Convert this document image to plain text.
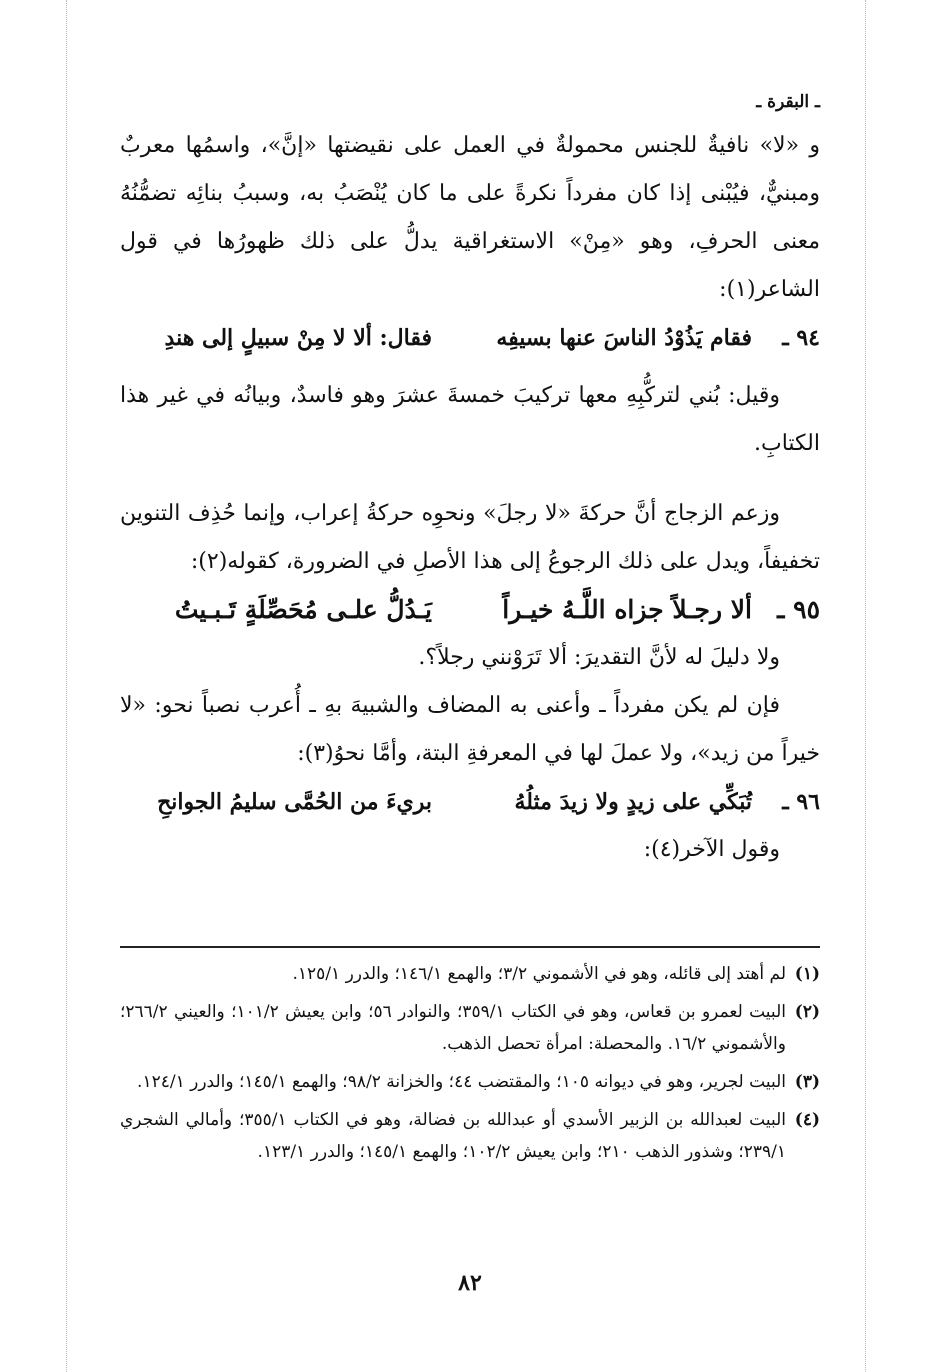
ـ البقرة ـ

و «لا» نافيةٌ للجنس محمولةٌ في العمل على نقيضتها «إنَّ»، واسمُها معربٌ ومبنيٌّ، فيُبْنى إذا كان مفرداً نكرةً على ما كان يُنْصَبُ به، وسببُ بنائِه تضمُّنُهُ معنى الحرفِ، وهو «مِنْ» الاستغراقية يدلُّ على ذلك ظهورُها في قول الشاعر(١):

٩٤ ـ
فقام يَذُوْدُ الناسَ عنها بسيفِه
فقال: ألا لا مِنْ سبيلٍ إلى هندِ

وقيل: بُني لتركُّبِهِ معها تركيبَ خمسةَ عشرَ وهو فاسدٌ، وبيانُه في غير هذا الكتابِ.

وزعم الزجاج أنَّ حركةَ «لا رجلَ» ونحوِه حركةُ إعراب، وإنما حُذِف التنوين تخفيفاً، ويدل على ذلك الرجوعُ إلى هذا الأصلِ في الضرورة، كقوله(٢):

٩٥ ـ
ألا رجـلاً جزاه اللَّـهُ خيـراً
يَـدُلُّ علـى مُحَصِّلَةٍ تَـبـيتُ

ولا دليلَ له لأنَّ التقديرَ: ألا تَرَوْنني رجلاً؟.

فإن لم يكن مفرداً ـ وأعنى به المضاف والشبيهَ بهِ ـ أُعرب نصباً نحو: «لا خيراً من زيد»، ولا عملَ لها في المعرفةِ البتة، وأمَّا نحوُ(٣):

٩٦ ـ
تُبَكِّي على زيدٍ ولا زيدَ مثلُهُ
بريءَ من الحُمَّى سليمُ الجوانحِ

وقول الآخر(٤):

(١)
لم أهتد إلى قائله، وهو في الأشموني ٣/٢؛ والهمع ١٤٦/١؛ والدرر ١٢٥/١.
(٢)
البيت لعمرو بن قعاس، وهو في الكتاب ٣٥٩/١؛ والنوادر ٥٦؛ وابن يعيش ١٠١/٢؛ والعيني ٢٦٦/٢؛ والأشموني ١٦/٢. والمحصلة: امرأة تحصل الذهب.
(٣)
البيت لجرير، وهو في ديوانه ١٠٥؛ والمقتضب ٤٤؛ والخزانة ٩٨/٢؛ والهمع ١٤٥/١؛ والدرر ١٢٤/١.
(٤)
البيت لعبدالله بن الزبير الأسدي أو عبدالله بن فضالة، وهو في الكتاب ٣٥٥/١؛ وأمالي الشجري ٢٣٩/١؛ وشذور الذهب ٢١٠؛ وابن يعيش ١٠٢/٢؛ والهمع ١٤٥/١؛ والدرر ١٢٣/١.
٨٢
